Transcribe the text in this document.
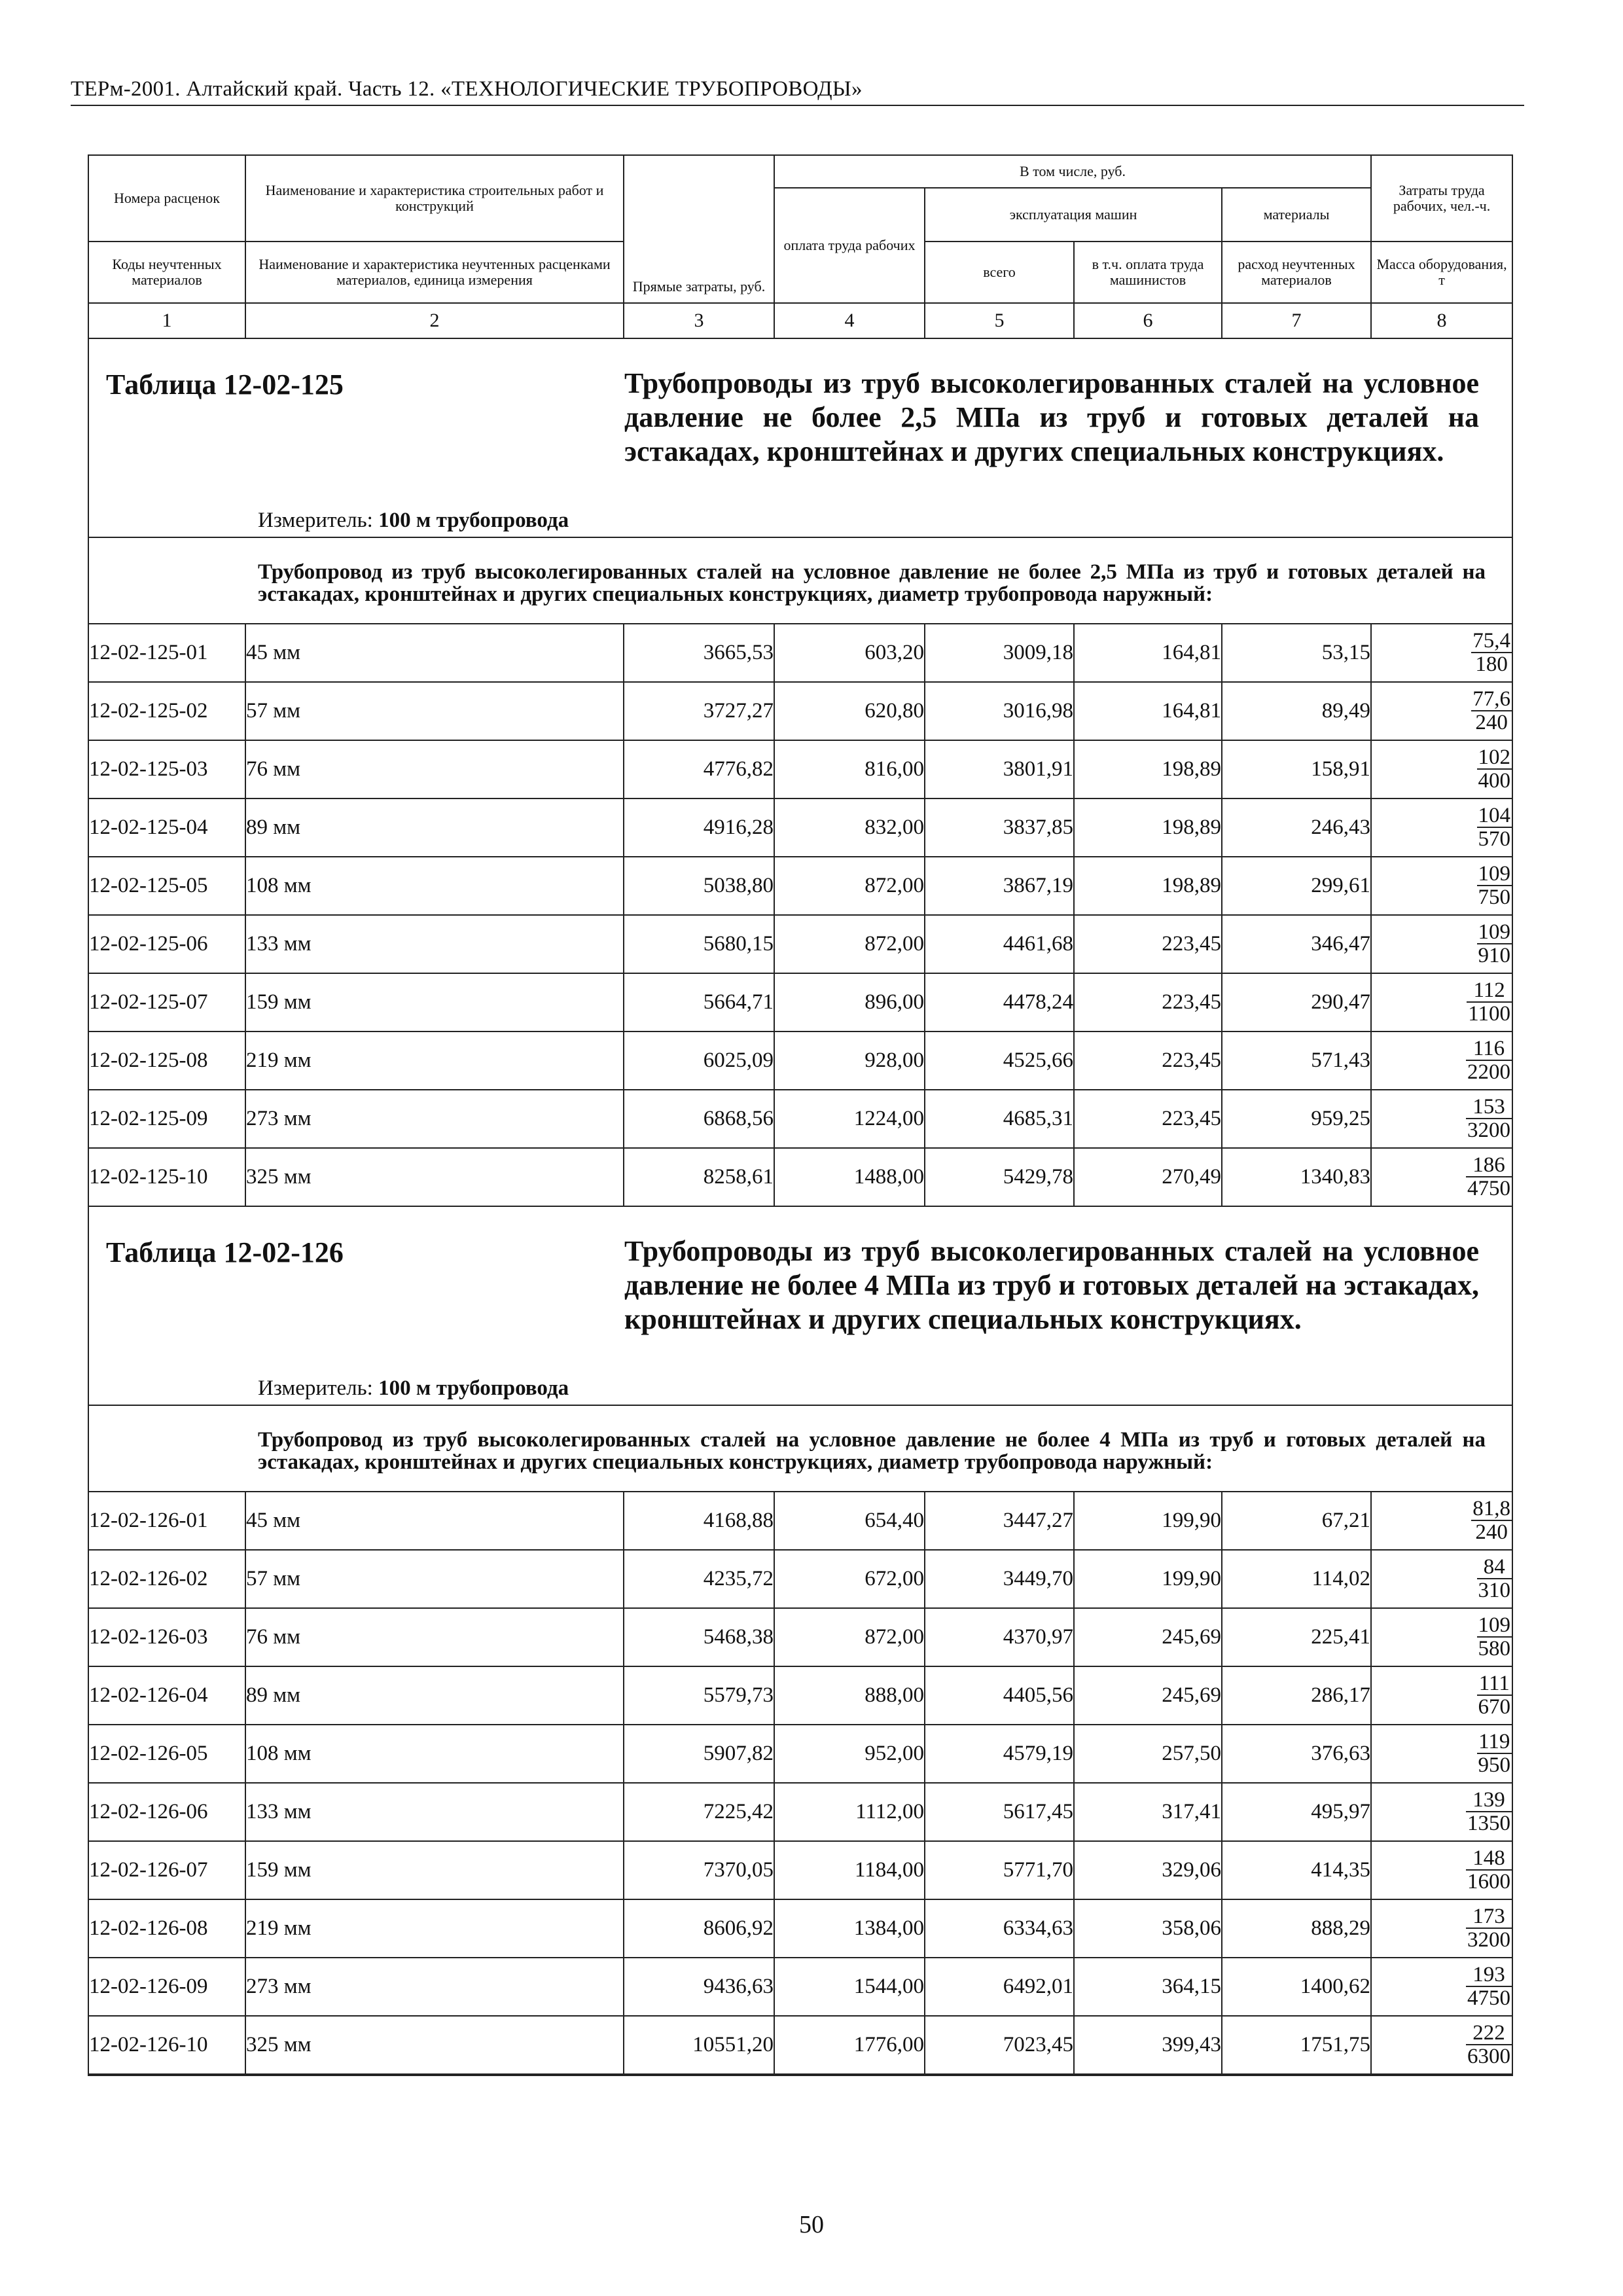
ТЕРм-2001. Алтайский край. Часть 12. «ТЕХНОЛОГИЧЕСКИЕ ТРУБОПРОВОДЫ»
Номера расценок	Наименование и характеристика строительных работ и конструкций	Прямые затраты, руб.	В том числе, руб.				Затраты труда рабочих, чел.-ч.
			оплата труда рабочих	эксплуатация машин		материалы	
Коды неучтенных материалов	Наименование и характеристика неучтенных расценками материалов, единица измерения			всего	в т.ч. оплата труда машинистов	расход неучтенных материалов	Масса оборудования, т
1	2	3	4	5	6	7	8

Таблица 12-02-125 Трубопроводы из труб высоколегированных сталей на условное давление не более 2,5 МПа из труб и готовых деталей на эстакадах, кронштейнах и других специальных конструкциях.
Измеритель: 100 м трубопровода							

Трубопровод из труб высоколегированных сталей на условное давление не более 2,5 МПа из труб и готовых деталей на эстакадах, кронштейнах и других специальных конструкциях, диаметр трубопровода наружный:							

12-02-125-01	45 мм	3665,53	603,20	3009,18	164,81	53,15	$\frac{75,4}{180}$

12-02-125-02	57 мм	3727,27	620,80	3016,98	164,81	89,49	$\frac{77,6}{240}$

12-02-125-03	76 мм	4776,82	816,00	3801,91	198,89	158,91	$\frac{102}{400}$

12-02-125-04	89 мм	4916,28	832,00	3837,85	198,89	246,43	$\frac{104}{570}$

12-02-125-05	108 мм	5038,80	872,00	3867,19	198,89	299,61	$\frac{109}{750}$

12-02-125-06	133 мм	5680,15	872,00	4461,68	223,45	346,47	$\frac{109}{910}$

12-02-125-07	159 мм	5664,71	896,00	4478,24	223,45	290,47	$\frac{112}{1100}$

12-02-125-08	219 мм	6025,09	928,00	4525,66	223,45	571,43	$\frac{116}{2200}$

12-02-125-09	273 мм	6868,56	1224,00	4685,31	223,45	959,25	$\frac{153}{3200}$

12-02-125-10	325 мм	8258,61	1488,00	5429,78	270,49	1340,83	$\frac{186}{4750}$

Таблица 12-02-126 Трубопроводы из труб высоколегированных сталей на условное давление не более 4 МПа из труб и готовых деталей на эстакадах, кронштейнах и других специальных конструкциях.
Измеритель: 100 м трубопровода							

Трубопровод из труб высоколегированных сталей на условное давление не более 4 МПа из труб и готовых деталей на эстакадах, кронштейнах и других специальных конструкциях, диаметр трубопровода наружный:							

12-02-126-01	45 мм	4168,88	654,40	3447,27	199,90	67,21	$\frac{81,8}{240}$

12-02-126-02	57 мм	4235,72	672,00	3449,70	199,90	114,02	$\frac{84}{310}$

12-02-126-03	76 мм	5468,38	872,00	4370,97	245,69	225,41	$\frac{109}{580}$

12-02-126-04	89 мм	5579,73	888,00	4405,56	245,69	286,17	$\frac{111}{670}$

12-02-126-05	108 мм	5907,82	952,00	4579,19	257,50	376,63	$\frac{119}{950}$

12-02-126-06	133 мм	7225,42	1112,00	5617,45	317,41	495,97	$\frac{139}{1350}$

12-02-126-07	159 мм	7370,05	1184,00	5771,70	329,06	414,35	$\frac{148}{1600}$

12-02-126-08	219 мм	8606,92	1384,00	6334,63	358,06	888,29	$\frac{173}{3200}$

12-02-126-09	273 мм	9436,63	1544,00	6492,01	364,15	1400,62	$\frac{193}{4750}$

12-02-126-10	325 мм	10551,20	1776,00	7023,45	399,43	1751,75	$\frac{222}{6300}$
50
